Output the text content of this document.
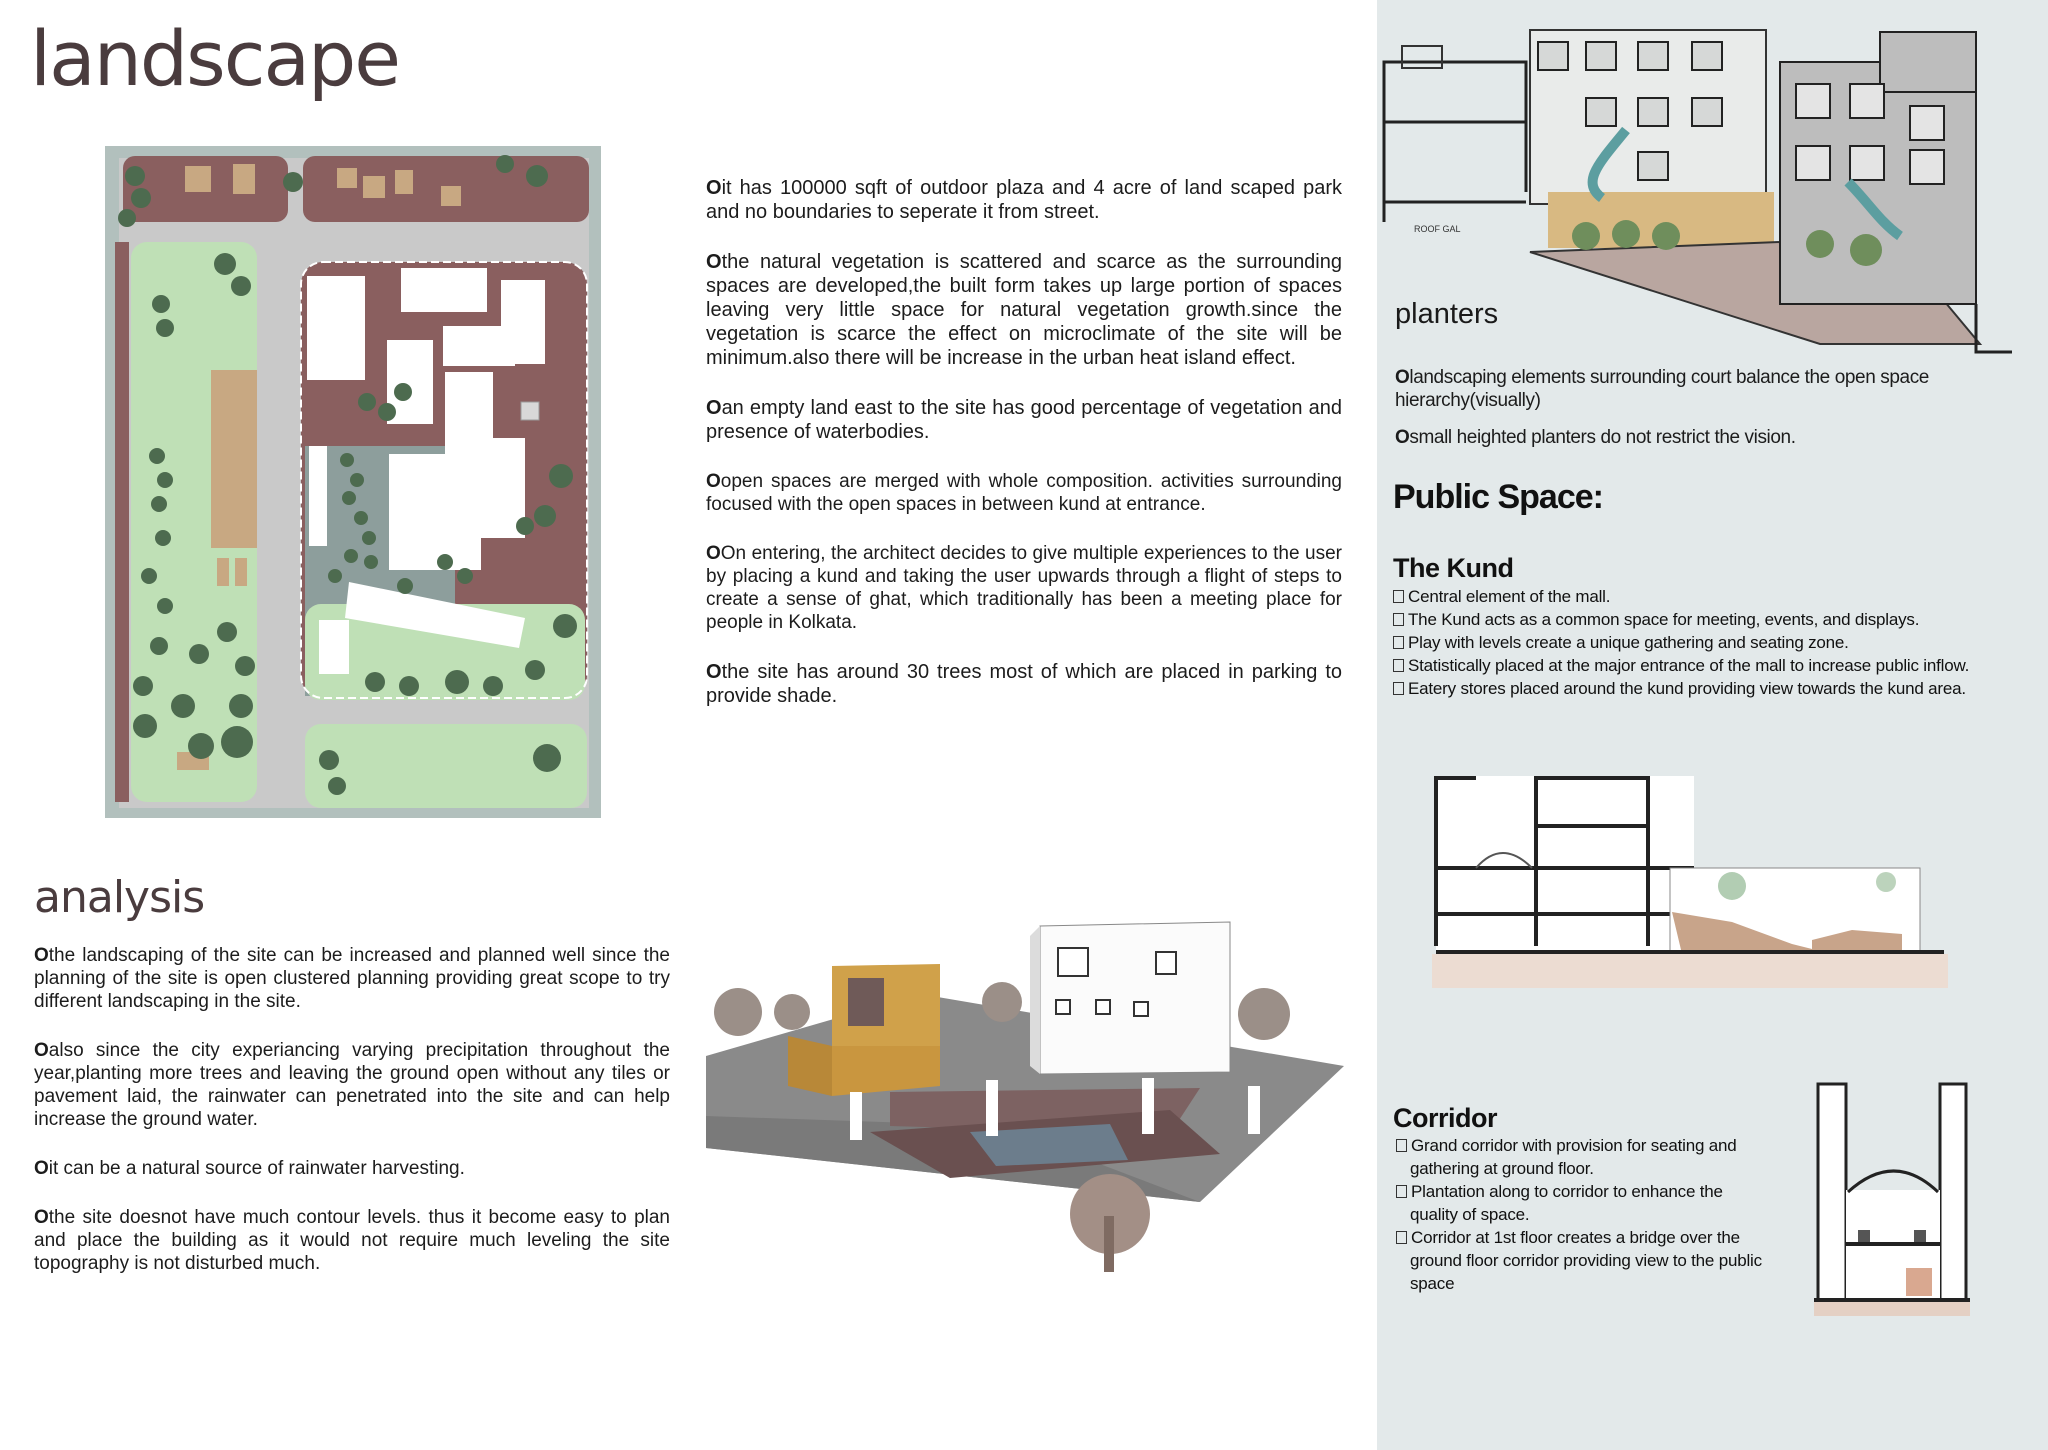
landscape

Oit has 100000 sqft of outdoor plaza and 4 acre of land scaped park and no boundaries to seperate it from street.

Othe natural vegetation is scattered and scarce as the surrounding spaces are developed,the built form takes up large portion of spaces leaving very little space for natural vegetation growth.since the vegetation is scarce the effect on microclimate of the site will be minimum.also there will be increase in the urban heat island effect.

Oan empty land east to the site has good percentage of vegetation and presence of waterbodies.

Oopen spaces are merged with whole composition. activities surrounding focused with the open spaces in between kund at entrance.

OOn entering, the architect decides to give multiple experiences to the user by placing a kund and taking the user upwards through a flight of steps to create a sense of ghat, which traditionally has been a meeting place for people in Kolkata.

Othe site has around 30 trees most of which are placed in parking to provide shade.

analysis

Othe landscaping of the site can be increased and planned well since the planning of the site is open clustered planning providing great scope to try different landscaping in the site.

Oalso since the city experiancing varying precipitation throughout the year,planting more trees and leaving the ground open without any tiles or pavement laid, the rainwater can penetrated into the site and can help increase the ground water.

Oit can be a natural source of rainwater harvesting.

Othe site doesnot have much contour levels. thus it become easy to plan and place the building as it would not require much leveling the site topography is not disturbed much.

ROOF GAL
planters

Olandscaping elements surrounding court balance the open space hierarchy(visually)

Osmall heighted planters do not restrict the vision.

Public Space:
The Kund
Central element of the mall.
The Kund acts as a common space for meeting, events, and displays.
Play with levels create a unique gathering and seating zone.
Statistically placed at the major entrance of the mall to increase public inflow.
Eatery stores placed around the kund providing view towards the kund area.
Corridor
Grand corridor with provision for seating and gathering at ground floor.
Plantation along to corridor to enhance the quality of space.
Corridor at 1st floor creates a bridge over the ground floor corridor providing view to the public space
